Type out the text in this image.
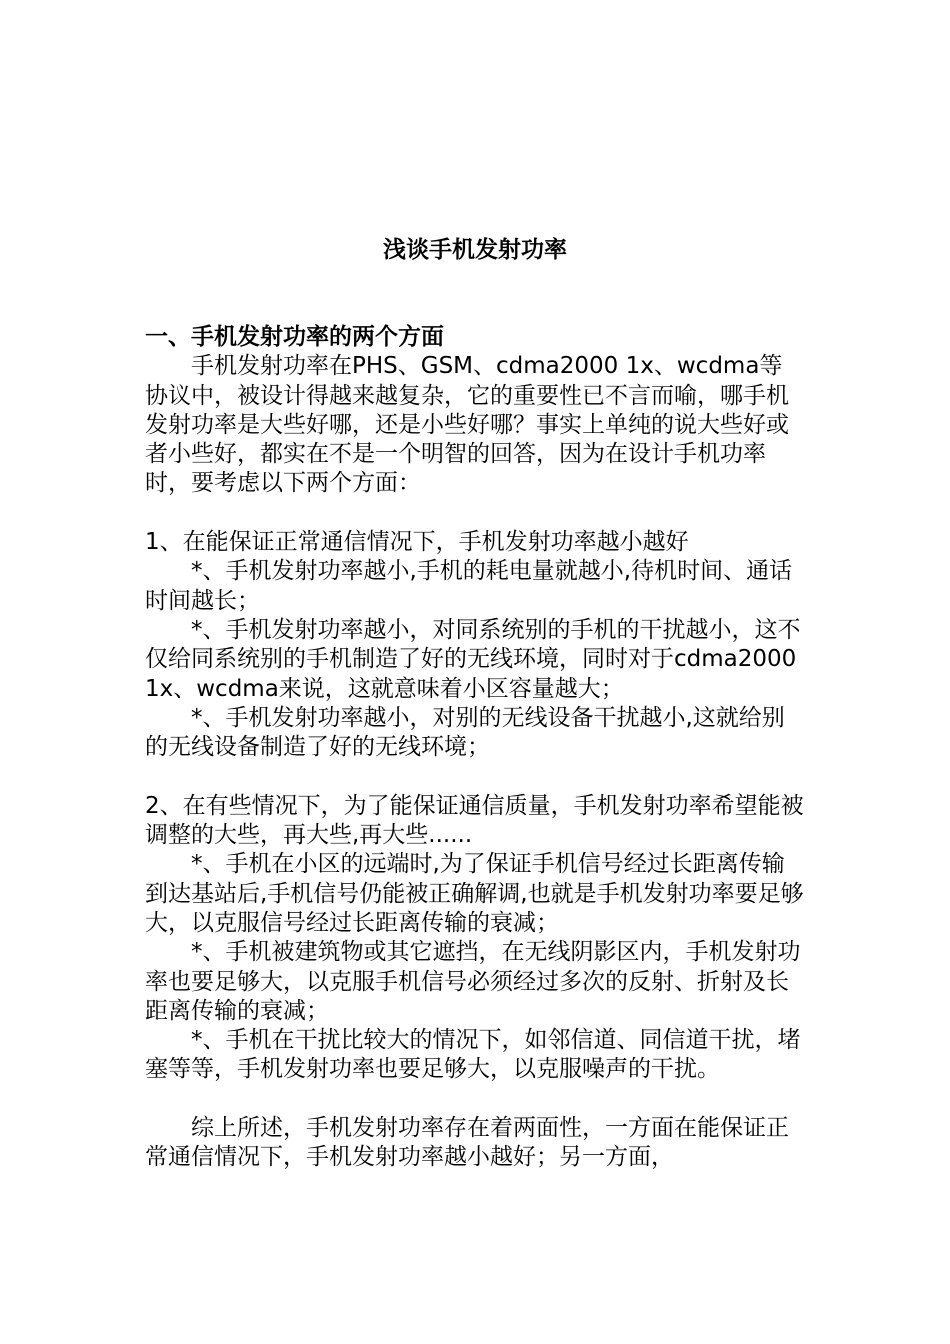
浅谈手机发射功率

一、手机发射功率的两个方面

手机发射功率在PHS、GSM、cdma2000 1x、wcdma等协议中，被设计得越来越复杂，它的重要性已不言而喻，哪手机发射功率是大些好哪，还是小些好哪？事实上单纯的说大些好或者小些好，都实在不是一个明智的回答，因为在设计手机功率时，要考虑以下两个方面：

1、在能保证正常通信情况下，手机发射功率越小越好

*、手机发射功率越小,手机的耗电量就越小,待机时间、通话时间越长；

*、手机发射功率越小，对同系统别的手机的干扰越小，这不仅给同系统别的手机制造了好的无线环境，同时对于cdma2000 1x、wcdma来说，这就意味着小区容量越大；

*、手机发射功率越小，对别的无线设备干扰越小,这就给别的无线设备制造了好的无线环境；

2、在有些情况下，为了能保证通信质量，手机发射功率希望能被调整的大些，再大些,再大些......

*、手机在小区的远端时,为了保证手机信号经过长距离传输到达基站后,手机信号仍能被正确解调,也就是手机发射功率要足够大，以克服信号经过长距离传输的衰减；

*、手机被建筑物或其它遮挡，在无线阴影区内，手机发射功率也要足够大，以克服手机信号必须经过多次的反射、折射及长距离传输的衰减；

*、手机在干扰比较大的情况下，如邻信道、同信道干扰，堵塞等等，手机发射功率也要足够大，以克服噪声的干扰。

综上所述，手机发射功率存在着两面性，一方面在能保证正常通信情况下，手机发射功率越小越好；另一方面，
